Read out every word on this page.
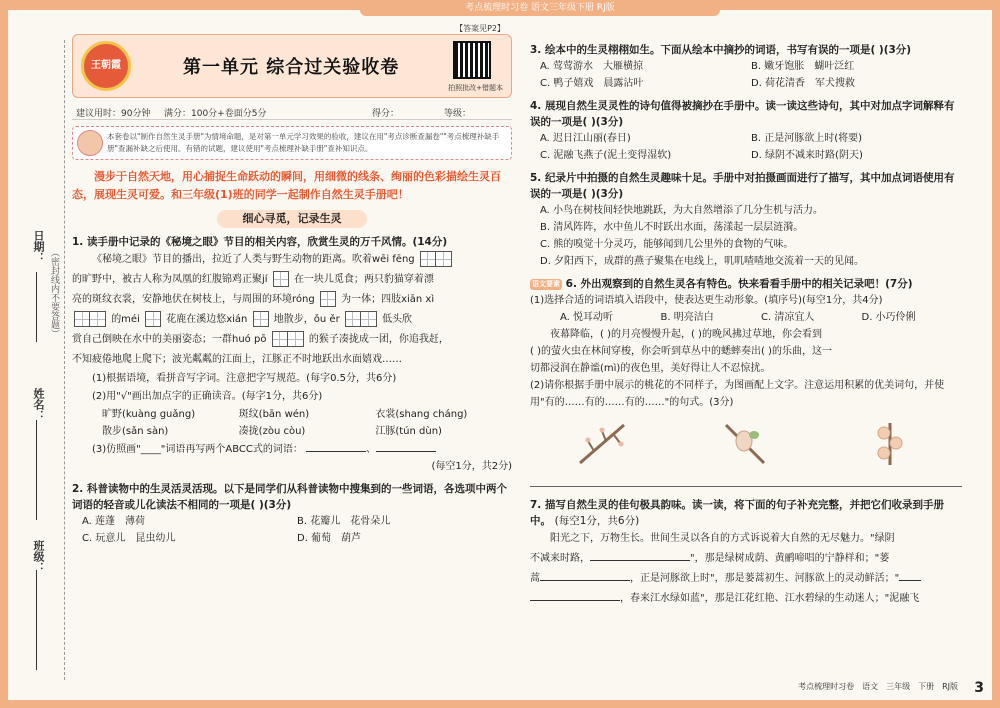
考点梳理时习卷 语文三年级下册 RJ版
日期：
（密封线内不要答题）
姓名：
班级：
【答案见P2】
王朝霞	第一单元 综合过关验收卷
拍照批改+错题本
建议用时：90分钟 满分：100分+卷面分5分	得分：	等级：
本套卷以"制作自然生灵手册"为情境命题，是对第一单元学习效果的验收，建议在用"考点诊断查漏卷""考点梳理补缺手册"查漏补缺之后使用。有错的试题，建议使用"考点梳理补缺手册"查补知识点。
漫步于自然天地，用心捕捉生命跃动的瞬间，用细微的线条、绚丽的色彩描绘生灵百态，展现生灵可爱。和三年级(1)班的同学一起制作自然生灵手册吧！
细心寻觅，记录生灵
1. 读手册中记录的《秘境之眼》节目的相关内容，欣赏生灵的万千风情。(14分)
《秘境之眼》节目的播出，拉近了人类与野生动物的距离。吹着wēi fēng
的旷野中，被古人称为凤凰的红腹锦鸡正聚jí	在一块儿觅食；两只豹猫穿着漂
亮的斑纹衣裳，安静地伏在树枝上，与周围的环境róng	为一体；四肢xiān xì
的méi	花鹿在溪边悠xián	地散步，ǒu ěr	低头欣
赏自己倒映在水中的美丽姿态；一群huó pō	的猴子凑拢成一团，你追我赶，
不知疲倦地爬上爬下；波光粼粼的江面上，江豚正不时地跃出水面嬉戏……
(1)根据语境，看拼音写字词。注意把字写规范。(每字0.5分，共6分)
(2)用"√"画出加点字的正确读音。(每字1分，共6分)
旷野(kuàng guǎng)	斑纹(bān wén)	衣裳(shang cháng)
散步(sǎn sàn)	凑拢(zòu còu)	江豚(tún dùn)
(3)仿照画"____"词语再写两个ABCC式的词语：	、
(每空1分，共2分)
2. 科普读物中的生灵活灵活现。以下是同学们从科普读物中搜集到的一些词语，各选项中两个词语的轻音或儿化读法不相同的一项是( )(3分)
A. 莲蓬　薄荷	B. 花瓣儿　花骨朵儿
C. 玩意儿　昆虫幼儿	D. 葡萄　葫芦
3. 绘本中的生灵栩栩如生。下面从绘本中摘抄的词语，书写有误的一项是( )(3分)
A. 莺莺游水　大雁横掠	B. 嫩牙饱胀　蝴叶泛红
C. 鸭子嬉戏　晨露沾叶	D. 荷花清香　军犬搜救
4. 展现自然生灵灵性的诗句值得被摘抄在手册中。读一读这些诗句，其中对加点字词解释有误的一项是( )(3分)
A. 迟日江山丽(春日)	B. 正是河豚欲上时(将要)
C. 泥融飞燕子(泥土变得湿软)	D. 绿阴不减来时路(阴天)
5. 纪录片中拍摄的自然生灵趣味十足。手册中对拍摄画面进行了描写，其中加点词语使用有误的一项是( )(3分)
A. 小鸟在树枝间轻快地跳跃，为大自然增添了几分生机与活力。
B. 清风阵阵，水中鱼儿不时跃出水面，荡漾起一层层涟漪。
C. 熊的嗅觉十分灵巧，能够闻到几公里外的食物的气味。
D. 夕阳西下，成群的燕子聚集在电线上，叽叽喳喳地交流着一天的见闻。
语文要素 6. 外出观察到的自然生灵各有特色。快来看看手册中的相关记录吧！(7分)
(1)选择合适的词语填入语段中，使表达更生动形象。(填序号)(每空1分，共4分)
A. 悦耳动听	B. 明亮洁白	C. 清凉宜人	D. 小巧伶俐
夜幕降临，( )的月亮慢慢升起，( )的晚风拂过草地，你会看到
( )的萤火虫在林间穿梭，你会听到草丛中的蟋蟀奏出( )的乐曲，这一
切都浸润在静谧(mì)的夜色里，美好得让人不忍惊扰。
(2)请你根据手册中展示的桃花的不同样子，为图画配上文字。注意运用积累的优美词句，并使用"有的……有的……有的……"的句式。(3分)
7. 描写自然生灵的佳句极具韵味。读一读，将下面的句子补充完整，并把它们收录到手册中。 (每空1分，共6分)
阳光之下，万物生长。世间生灵以各自的方式诉说着大自然的无尽魅力。"绿阴
不减来时路，	"，那是绿树成荫、黄鹂啼唱的宁静样和；"蒌
蒿	，正是河豚欲上时"，那是蒌蒿初生、河豚欲上的灵动鲜活；"
，春来江水绿如蓝"，那是江花红艳、江水碧绿的生动迷人；"泥融飞
考点梳理时习卷　语文　三年级　下册　RJ版 3
